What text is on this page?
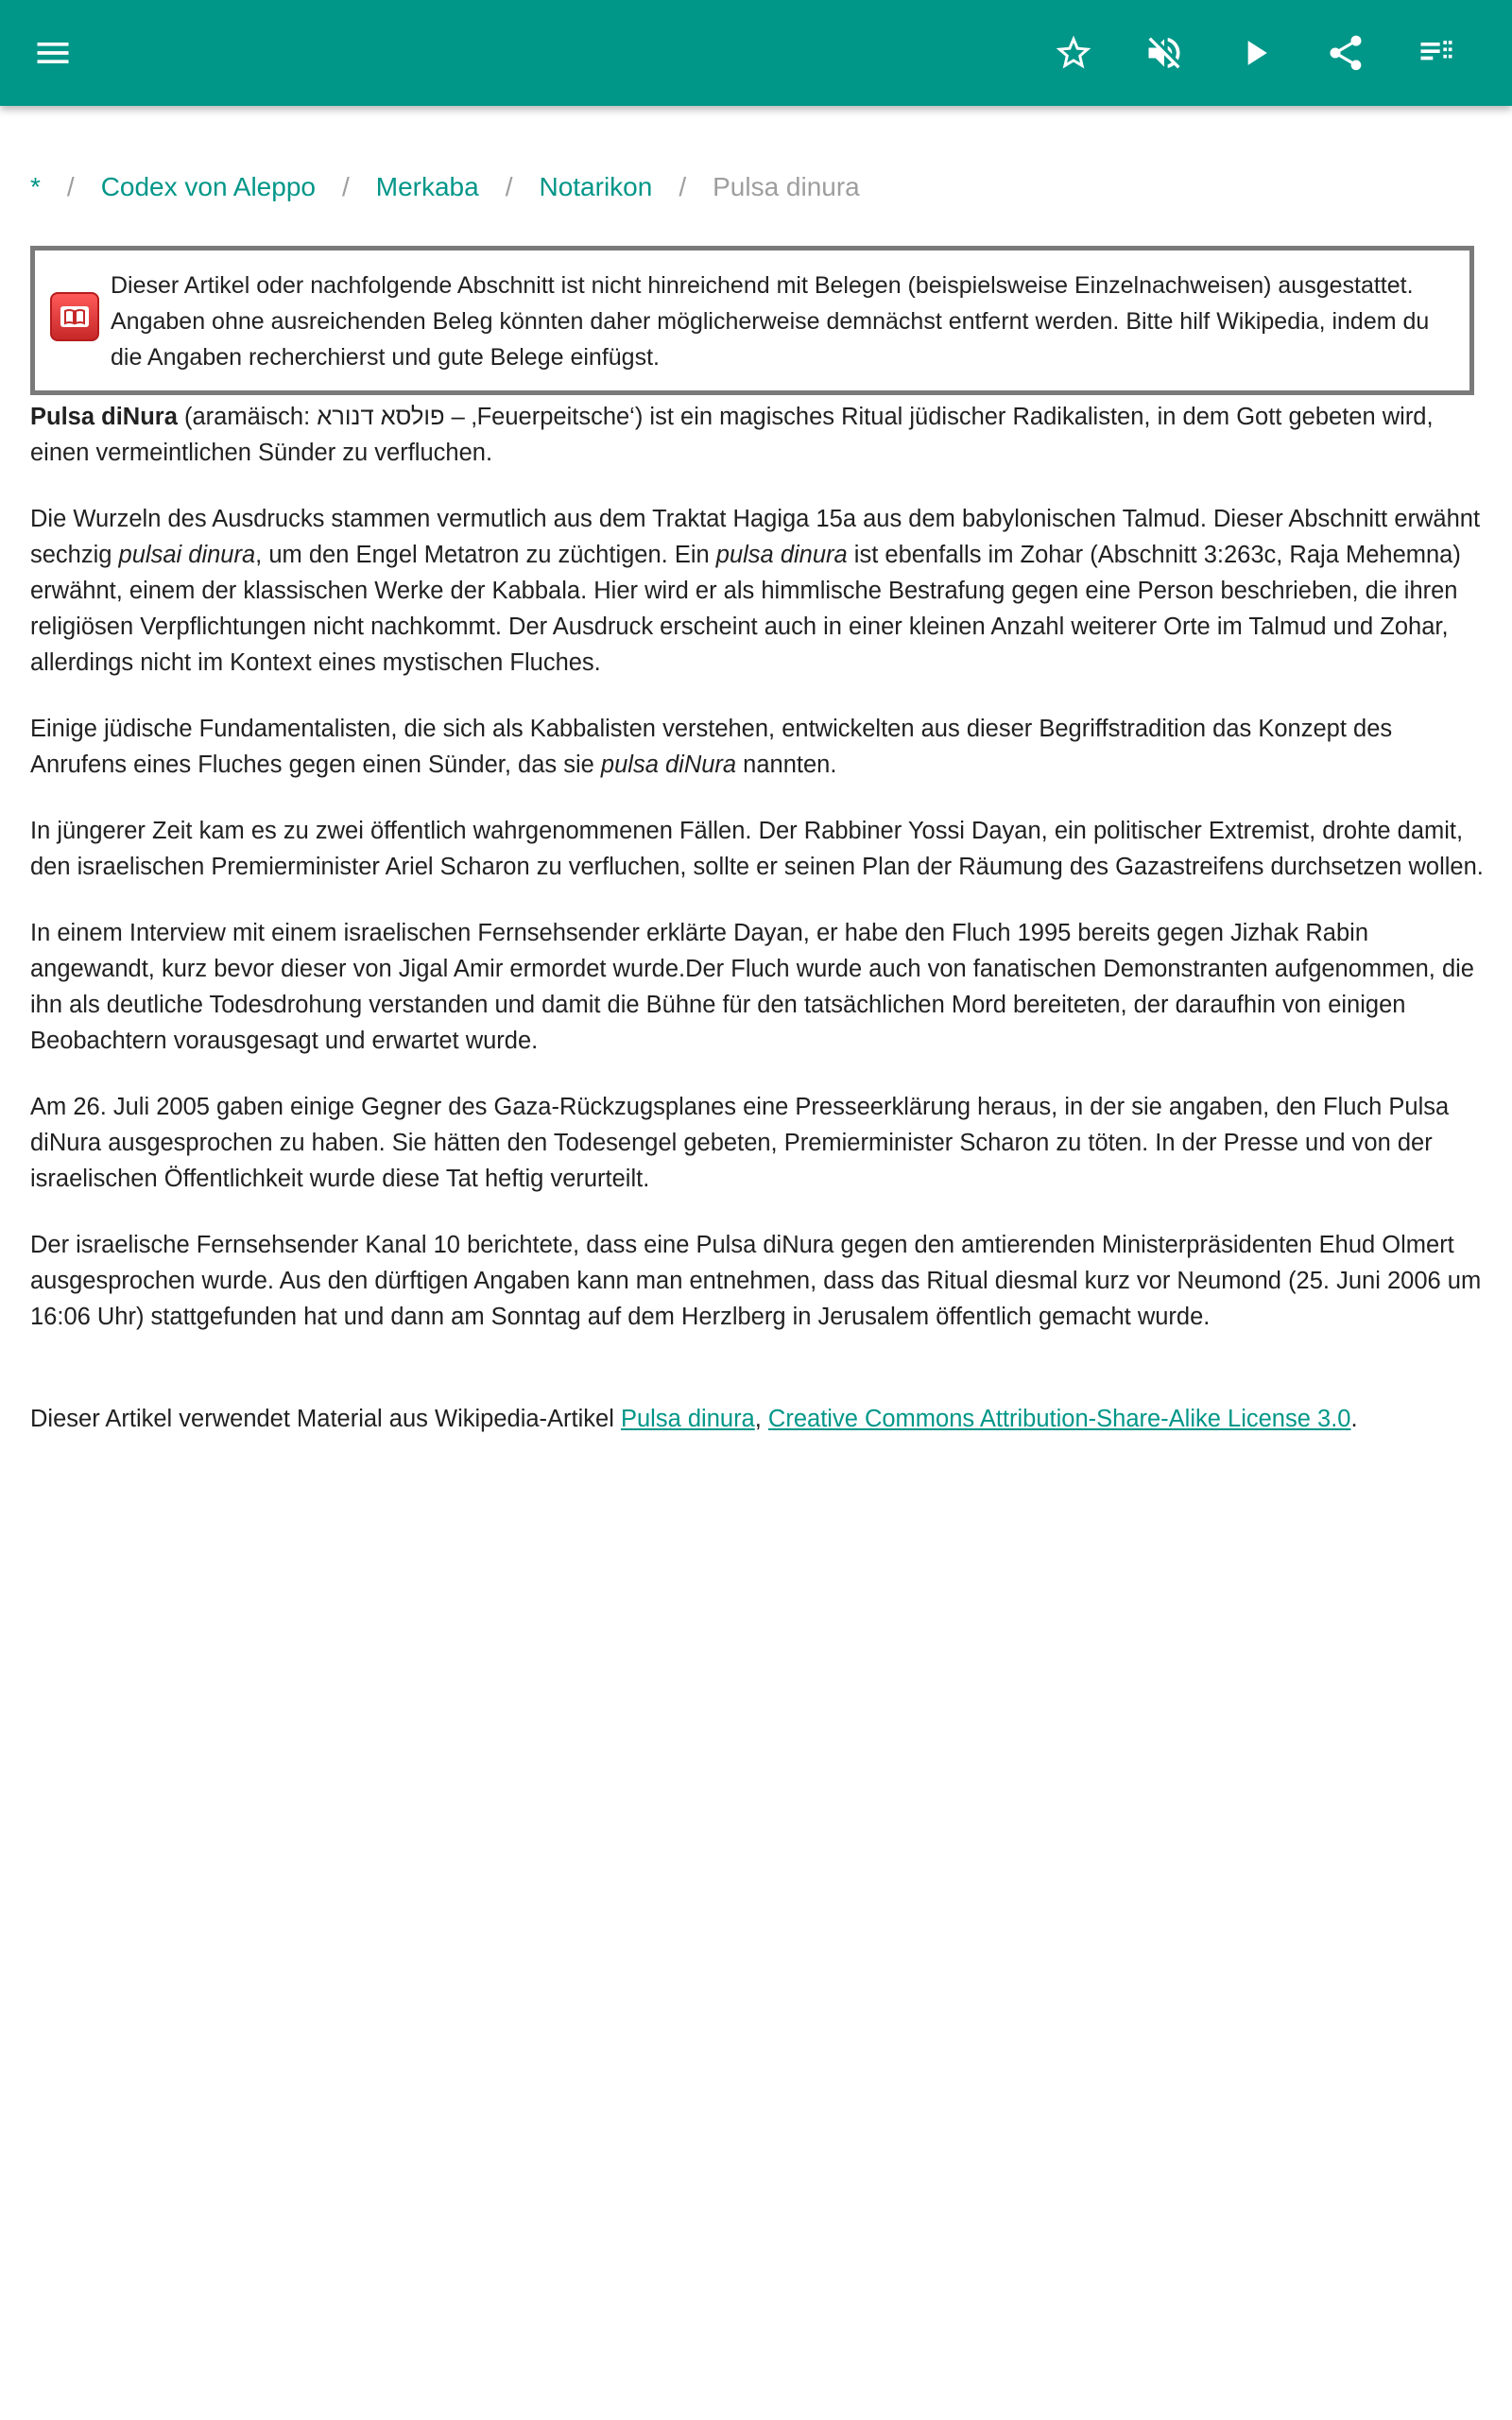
* / Codex von Aleppo / Merkaba / Notarikon / Pulsa dinura
Dieser Artikel oder nachfolgende Abschnitt ist nicht hinreichend mit Belegen (beispielsweise Einzelnachweisen) ausgestattet. Angaben ohne ausreichenden Beleg könnten daher möglicherweise demnächst entfernt werden. Bitte hilf Wikipedia, indem du die Angaben recherchierst und gute Belege einfügst.

Pulsa diNura (aramäisch: פולסא דנורא – ‚Feuerpeitsche‘) ist ein magisches Ritual jüdischer Radikalisten, in dem Gott gebeten wird, einen vermeintlichen Sünder zu verfluchen.

Die Wurzeln des Ausdrucks stammen vermutlich aus dem Traktat Hagiga 15a aus dem babylonischen Talmud. Dieser Abschnitt erwähnt sechzig pulsai dinura, um den Engel Metatron zu züchtigen. Ein pulsa dinura ist ebenfalls im Zohar (Abschnitt 3:263c, Raja Mehemna) erwähnt, einem der klassischen Werke der Kabbala. Hier wird er als himmlische Bestrafung gegen eine Person beschrieben, die ihren religiösen Verpflichtungen nicht nachkommt. Der Ausdruck erscheint auch in einer kleinen Anzahl weiterer Orte im Talmud und Zohar, allerdings nicht im Kontext eines mystischen Fluches.

Einige jüdische Fundamentalisten, die sich als Kabbalisten verstehen, entwickelten aus dieser Begriffstradition das Konzept des Anrufens eines Fluches gegen einen Sünder, das sie pulsa diNura nannten.

In jüngerer Zeit kam es zu zwei öffentlich wahrgenommenen Fällen. Der Rabbiner Yossi Dayan, ein politischer Extremist, drohte damit, den israelischen Premierminister Ariel Scharon zu verfluchen, sollte er seinen Plan der Räumung des Gazastreifens durchsetzen wollen.

In einem Interview mit einem israelischen Fernsehsender erklärte Dayan, er habe den Fluch 1995 bereits gegen Jizhak Rabin angewandt, kurz bevor dieser von Jigal Amir ermordet wurde.Der Fluch wurde auch von fanatischen Demonstranten aufgenommen, die ihn als deutliche Todesdrohung verstanden und damit die Bühne für den tatsächlichen Mord bereiteten, der daraufhin von einigen Beobachtern vorausgesagt und erwartet wurde.

Am 26. Juli 2005 gaben einige Gegner des Gaza-Rückzugsplanes eine Presseerklärung heraus, in der sie angaben, den Fluch Pulsa diNura ausgesprochen zu haben. Sie hätten den Todesengel gebeten, Premierminister Scharon zu töten. In der Presse und von der israelischen Öffentlichkeit wurde diese Tat heftig verurteilt.

Der israelische Fernsehsender Kanal 10 berichtete, dass eine Pulsa diNura gegen den amtierenden Ministerpräsidenten Ehud Olmert ausgesprochen wurde. Aus den dürftigen Angaben kann man entnehmen, dass das Ritual diesmal kurz vor Neumond (25. Juni 2006 um 16:06 Uhr) stattgefunden hat und dann am Sonntag auf dem Herzlberg in Jerusalem öffentlich gemacht wurde.

Dieser Artikel verwendet Material aus Wikipedia-Artikel Pulsa dinura, Creative Commons Attribution-Share-Alike License 3.0.
